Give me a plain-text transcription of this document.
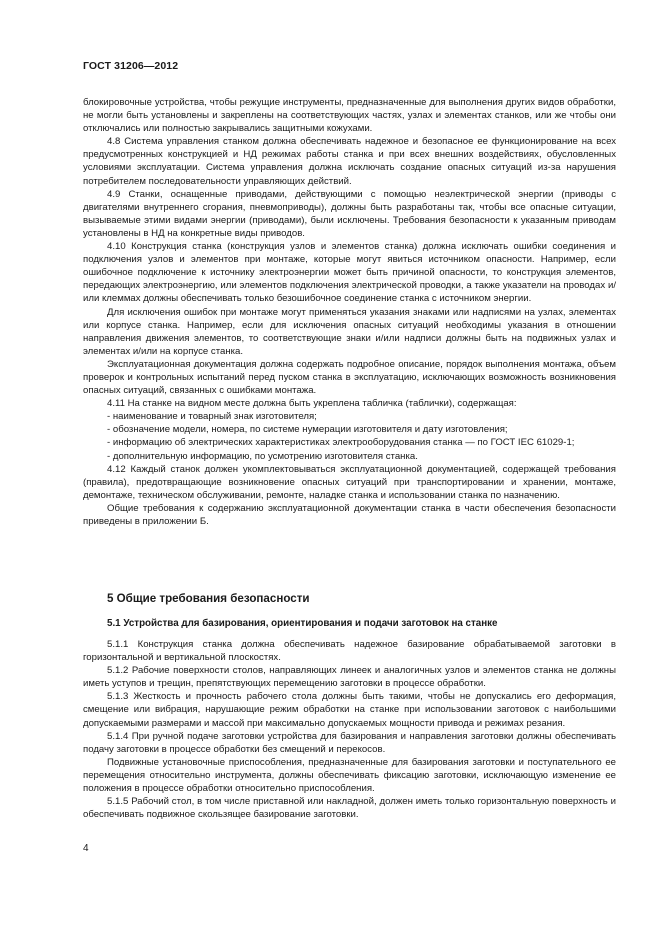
ГОСТ 31206—2012

блокировочные устройства, чтобы режущие инструменты, предназначенные для выполнения других видов обработки, не могли быть установлены и закреплены на соответствующих частях, узлах и элементах станков, или же чтобы они отключались или полностью закрывались защитными кожухами.

4.8 Система управления станком должна обеспечивать надежное и безопасное ее функционирование на всех предусмотренных конструкцией и НД режимах работы станка и при всех внешних воздействиях, обусловленных условиями эксплуатации. Система управления должна исключать создание опасных ситуаций из-за нарушения потребителем последовательности управляющих действий.

4.9 Станки, оснащенные приводами, действующими с помощью неэлектрической энергии (приводы с двигателями внутреннего сгорания, пневмоприводы), должны быть разработаны так, чтобы все опасные ситуации, вызываемые этими видами энергии (приводами), были исключены. Требования безопасности к указанным приводам установлены в НД на конкретные виды приводов.

4.10 Конструкция станка (конструкция узлов и элементов станка) должна исключать ошибки соединения и подключения узлов и элементов при монтаже, которые могут явиться источником опасности. Например, если ошибочное подключение к источнику электроэнергии может быть причиной опасности, то конструкция элементов, передающих электроэнергию, или элементов подключения электрической проводки, а также указатели на проводах и/или клеммах должны обеспечивать только безошибочное соединение станка с источником энергии.

Для исключения ошибок при монтаже могут применяться указания знаками или надписями на узлах, элементах или корпусе станка. Например, если для исключения опасных ситуаций необходимы указания в отношении направления движения элементов, то соответствующие знаки и/или надписи должны быть на подвижных узлах и элементах и/или на корпусе станка.

Эксплуатационная документация должна содержать подробное описание, порядок выполнения монтажа, объем проверок и контрольных испытаний перед пуском станка в эксплуатацию, исключающих возможность возникновения опасных ситуаций, связанных с ошибками монтажа.

4.11 На станке на видном месте должна быть укреплена табличка (таблички), содержащая:

- наименование и товарный знак изготовителя;

- обозначение модели, номера, по системе нумерации изготовителя и дату изготовления;

- информацию об электрических характеристиках электрооборудования станка — по ГОСТ IEC 61029-1;

- дополнительную информацию, по усмотрению изготовителя станка.

4.12 Каждый станок должен укомплектовываться эксплуатационной документацией, содержащей требования (правила), предотвращающие возникновение опасных ситуаций при транспортировании и хранении, монтаже, демонтаже, техническом обслуживании, ремонте, наладке станка и использовании станка по назначению.

Общие требования к содержанию эксплуатационной документации станка в части обеспечения безопасности приведены в приложении Б.

5 Общие требования безопасности
5.1 Устройства для базирования, ориентирования и подачи заготовок на станке

5.1.1 Конструкция станка должна обеспечивать надежное базирование обрабатываемой заготовки в горизонтальной и вертикальной плоскостях.

5.1.2 Рабочие поверхности столов, направляющих линеек и аналогичных узлов и элементов станка не должны иметь уступов и трещин, препятствующих перемещению заготовки в процессе обработки.

5.1.3 Жесткость и прочность рабочего стола должны быть такими, чтобы не допускались его деформация, смещение или вибрация, нарушающие режим обработки на станке при использовании заготовок с наибольшими допускаемыми размерами и массой при максимально допускаемых мощности привода и режимах резания.

5.1.4 При ручной подаче заготовки устройства для базирования и направления заготовки должны обеспечивать подачу заготовки в процессе обработки без смещений и перекосов.

Подвижные установочные приспособления, предназначенные для базирования заготовки и поступательного ее перемещения относительно инструмента, должны обеспечивать фиксацию заготовки, исключающую изменение ее положения в процессе обработки относительно приспособления.

5.1.5 Рабочий стол, в том числе приставной или накладной, должен иметь только горизонтальную поверхность и обеспечивать подвижное скользящее базирование заготовки.

4
